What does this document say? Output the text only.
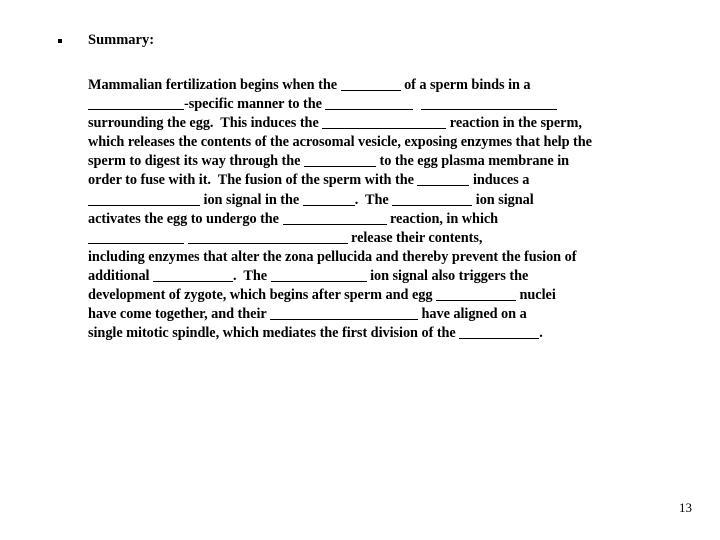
Summary:
Mammalian fertilization begins when the	of a sperm binds in a
-specific manner to the
surrounding the egg.  This induces the	reaction in the sperm,
which releases the contents of the acrosomal vesicle, exposing enzymes that help the
sperm to digest its way through the	to the egg plasma membrane in
order to fuse with it.  The fusion of the sperm with the	induces a
ion signal in the	.  The	ion signal
activates the egg to undergo the	reaction, in which
release their contents,
including enzymes that alter the zona pellucida and thereby prevent the fusion of
additional	.  The	ion signal also triggers the
development of zygote, which begins after sperm and egg	nuclei
have come together, and their	have aligned on a
single mitotic spindle, which mediates the first division of the	.
13
